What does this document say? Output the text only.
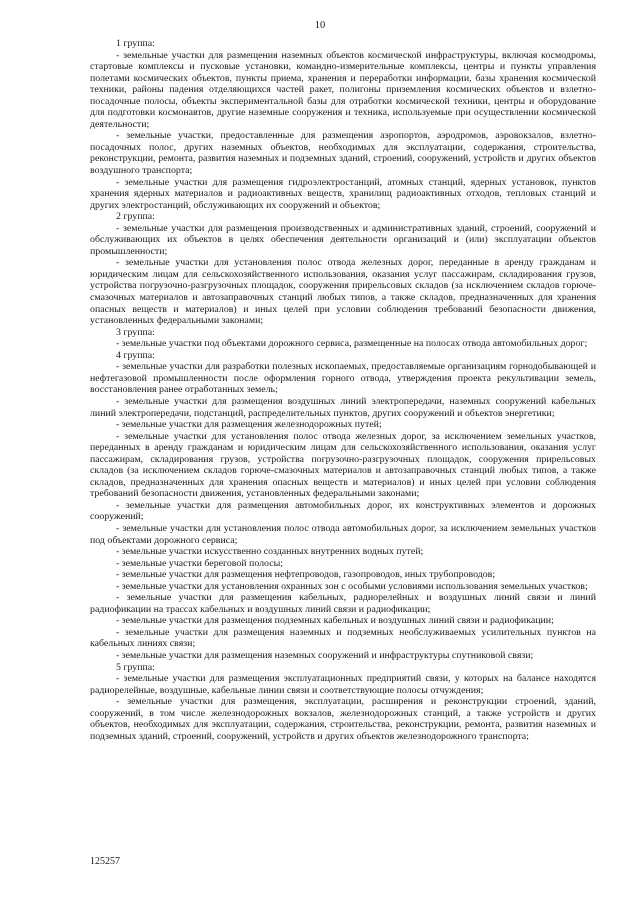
10

1 группа:

- земельные участки для размещения наземных объектов космической инфраструктуры, включая космодромы, стартовые комплексы и пусковые установки, командно-измерительные комплексы, центры и пункты управления полетами космических объектов, пункты приема, хранения и переработки информации, базы хранения космической техники, районы падения отделяющихся частей ракет, полигоны приземления космических объектов и взлетно-посадочные полосы, объекты экспериментальной базы для отработки космической техники, центры и оборудование для подготовки космонавтов, другие наземные сооружения и техника, используемые при осуществлении космической деятельности;

- земельные участки, предоставленные для размещения аэропортов, аэродромов, аэровокзалов, взлетно-посадочных полос, других наземных объектов, необходимых для эксплуатации, содержания, строительства, реконструкции, ремонта, развития наземных и подземных зданий, строений, сооружений, устройств и других объектов воздушного транспорта;

- земельные участки для размещения гидроэлектростанций, атомных станций, ядерных установок, пунктов хранения ядерных материалов и радиоактивных веществ, хранилищ радиоактивных отходов, тепловых станций и других электростанций, обслуживающих их сооружений и объектов;

2 группа:

- земельные участки для размещения производственных и административных зданий, строений, сооружений и обслуживающих их объектов в целях обеспечения деятельности организаций и (или) эксплуатации объектов промышленности;

- земельные участки для установления полос отвода железных дорог, переданные в аренду гражданам и юридическим лицам для сельскохозяйственного использования, оказания услуг пассажирам, складирования грузов, устройства погрузочно-разгрузочных площадок, сооружения прирельсовых складов (за исключением складов горюче-смазочных материалов и автозаправочных станций любых типов, а также складов, предназначенных для хранения опасных веществ и материалов) и иных целей при условии соблюдения требований безопасности движения, установленных федеральными законами;

3 группа:

- земельные участки под объектами дорожного сервиса, размещенные на полосах отвода автомобильных дорог;

4 группа:

- земельные участки для разработки полезных ископаемых, предоставляемые организациям горнодобывающей и нефтегазовой промышленности после оформления горного отвода, утверждения проекта рекультивации земель, восстановления ранее отработанных земель;

- земельные участки для размещения воздушных линий электропередачи, наземных сооружений кабельных линий электропередачи, подстанций, распределительных пунктов, других сооружений и объектов энергетики;

- земельные участки для размещения железнодорожных путей;

- земельные участки для установления полос отвода железных дорог, за исключением земельных участков, переданных в аренду гражданам и юридическим лицам для сельскохозяйственного использования, оказания услуг пассажирам, складирования грузов, устройства погрузочно-разгрузочных площадок, сооружения прирельсовых складов (за исключением складов горюче-смазочных материалов и автозаправочных станций любых типов, а также складов, предназначенных для хранения опасных веществ и материалов) и иных целей при условии соблюдения требований безопасности движения, установленных федеральными законами;

- земельные участки для размещения автомобильных дорог, их конструктивных элементов и дорожных сооружений;

- земельные участки для установления полос отвода автомобильных дорог, за исключением земельных участков под объектами дорожного сервиса;

- земельные участки искусственно созданных внутренних водных путей;

- земельные участки береговой полосы;

- земельные участки для размещения нефтепроводов, газопроводов, иных трубопроводов;

- земельные участки для установления охранных зон с особыми условиями использования земельных участков;

- земельные участки для размещения кабельных, радиорелейных и воздушных линий связи и линий радиофикации на трассах кабельных и воздушных линий связи и радиофикации;

- земельные участки для размещения подземных кабельных и воздушных линий связи и радиофикации;

- земельные участки для размещения наземных и подземных необслуживаемых усилительных пунктов на кабельных линиях связи;

- земельные участки для размещения наземных сооружений и инфраструктуры спутниковой связи;

5 группа:

- земельные участки для размещения эксплуатационных предприятий связи, у которых на балансе находятся радиорелейные, воздушные, кабельные линии связи и соответствующие полосы отчуждения;

- земельные участки для размещения, эксплуатации, расширения и реконструкции строений, зданий, сооружений, в том числе железнодорожных вокзалов, железнодорожных станций, а также устройств и других объектов, необходимых для эксплуатации, содержания, строительства, реконструкции, ремонта, развития наземных и подземных зданий, строений, сооружений, устройств и других объектов железнодорожного транспорта;

125257
